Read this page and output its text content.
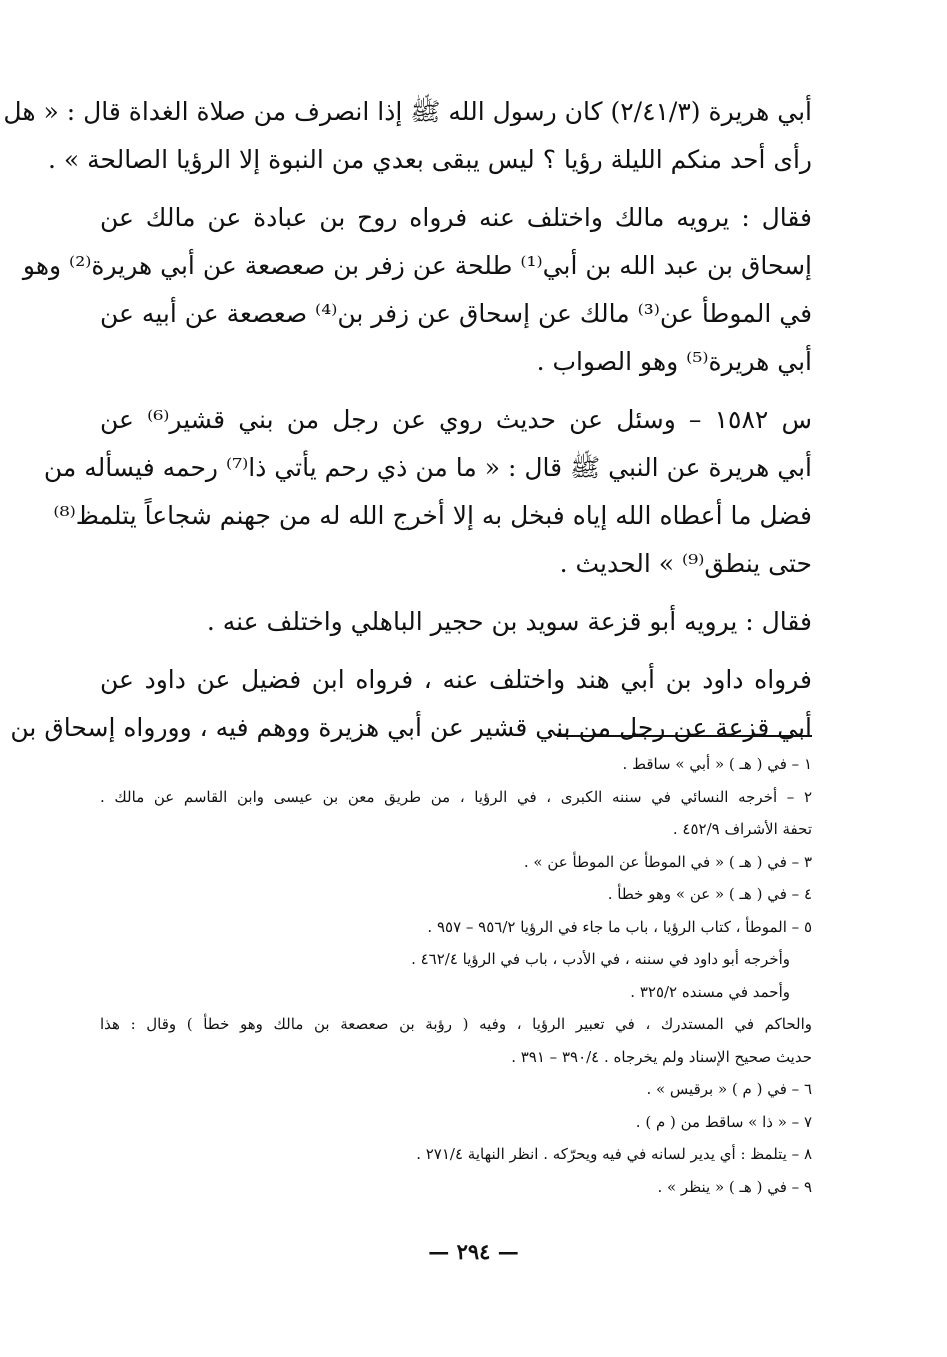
أبي هريرة (٢/٤١/٣) كان رسول الله ﷺ إذا انصرف من صلاة الغداة قال : « هل
رأى أحد منكم الليلة رؤيا ؟ ليس يبقى بعدي من النبوة إلا الرؤيا الصالحة » .
فقال : يرويه مالك واختلف عنه فرواه روح بن عبادة عن مالك عن
إسحاق بن عبد الله بن أبي⁽¹⁾ طلحة عن زفر بن صعصعة عن أبي هريرة⁽²⁾ وهو
في الموطأ عن⁽³⁾ مالك عن إسحاق عن زفر بن⁽⁴⁾ صعصعة عن أبيه عن
أبي هريرة⁽⁵⁾ وهو الصواب .
س ١٥٨٢ – وسئل عن حديث روي عن رجل من بني قشير⁽⁶⁾ عن
أبي هريرة عن النبي ﷺ قال : « ما من ذي رحم يأتي ذا⁽⁷⁾ رحمه فيسأله من
فضل ما أعطاه الله إياه فبخل به إلا أخرج الله له من جهنم شجاعاً يتلمظ⁽⁸⁾
حتى ينطق⁽⁹⁾ » الحديث .
فقال : يرويه أبو قزعة سويد بن حجير الباهلي واختلف عنه .
فرواه داود بن أبي هند واختلف عنه ، فرواه ابن فضيل عن داود عن
أبي قزعة عن رجل من بني قشير عن أبي هزيرة ووهم فيه ، وورواه إسحاق بن
١ – في ( هـ ) « أبي » ساقط .
٢ – أخرجه النسائي في سننه الكبرى ، في الرؤيا ، من طريق معن بن عيسى وابن القاسم عن مالك .
تحفة الأشراف ٤٥٢/٩ .
٣ – في ( هـ ) « في الموطأ عن الموطأ عن » .
٤ – في ( هـ ) « عن » وهو خطأ .
٥ – الموطأ ، كتاب الرؤيا ، باب ما جاء في الرؤيا ٩٥٦/٢ – ٩٥٧ .
وأخرجه أبو داود في سننه ، في الأدب ، باب في الرؤيا ٤٦٢/٤ .
وأحمد في مسنده ٣٢٥/٢ .
والحاكم في المستدرك ، في تعبير الرؤيا ، وفيه ( رؤبة بن صعصعة بن مالك وهو خطأ ) وقال : هذا
حديث صحيح الإسناد ولم يخرجاه . ٣٩٠/٤ – ٣٩١ .
٦ – في ( م ) « برقيس » .
٧ – « ذا » ساقط من ( م ) .
٨ – يتلمظ : أي يدير لسانه في فيه ويحرّكه . انظر النهاية ٢٧١/٤ .
٩ – في ( هـ ) « ينظر » .
— ٢٩٤ —
